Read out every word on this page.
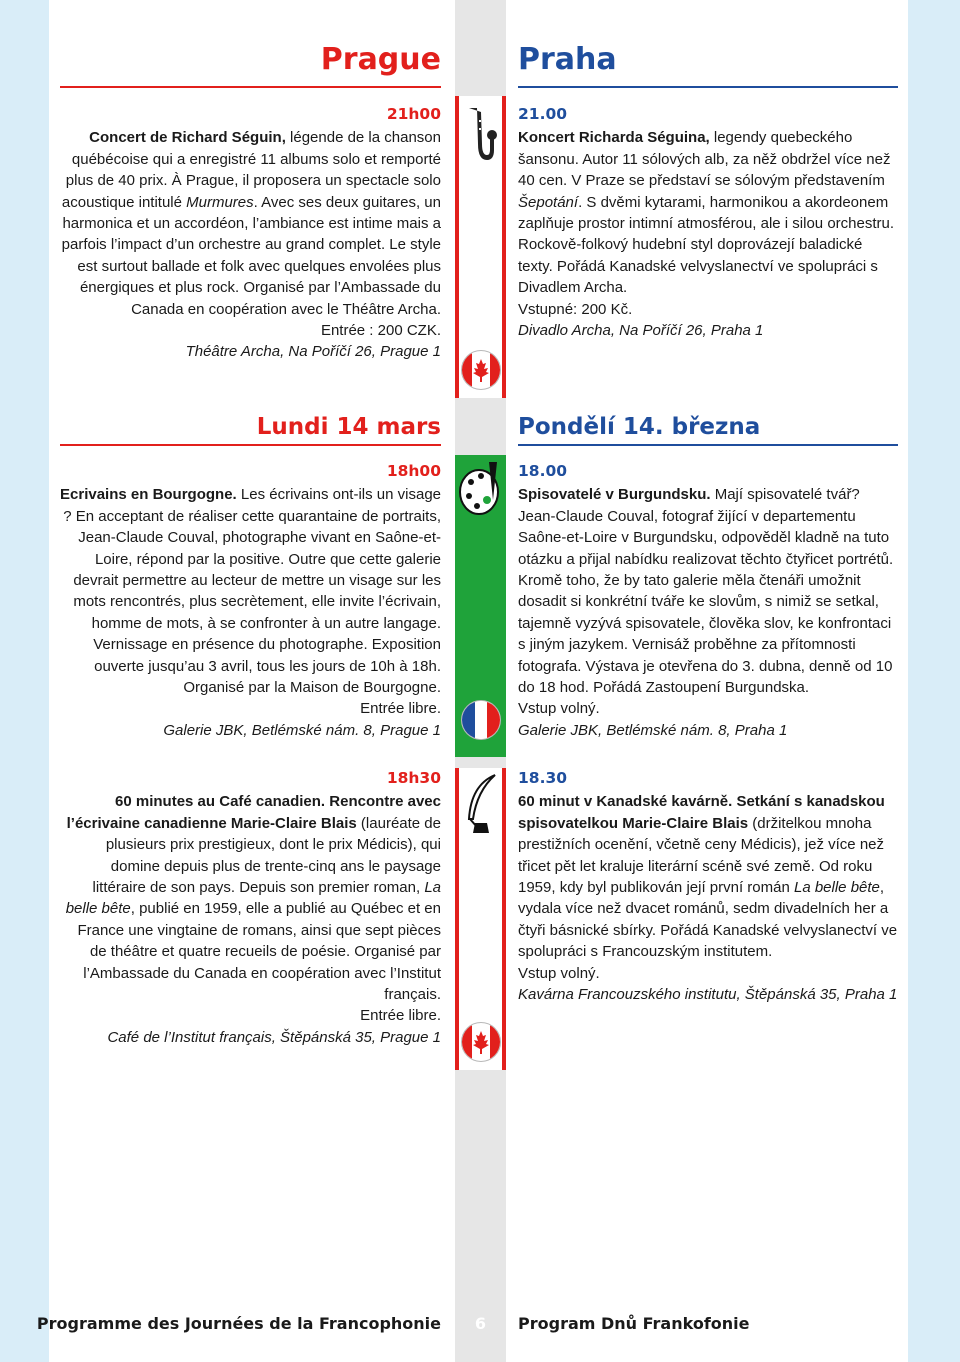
Prague	Praha
21h00

Concert de Richard Séguin, légende de la chanson québécoise qui a enregistré 11 albums solo et remporté plus de 40 prix. À Prague, il proposera un spectacle solo acoustique intitulé Murmures. Avec ses deux guitares, un harmonica et un accordéon, l’ambiance est intime mais a parfois l’impact d’un orchestre au grand complet. Le style est surtout ballade et folk avec quelques envolées plus énergiques et plus rock. Organisé par l’Ambassade du Canada en coopération avec le Théâtre Archa.

Entrée : 200 CZK.

Théâtre Archa, Na Poříčí 26, Prague 1

21.00

Koncert Richarda Séguina, legendy quebeckého šansonu. Autor 11 sólových alb, za něž obdržel více než 40 cen. V Praze se představí se sólovým představením Šepotání. S dvěmi kytarami, harmonikou a akordeonem zaplňuje prostor intimní atmosférou, ale i silou orchestru. Rockově-folkový hudební styl doprovázejí baladické texty. Pořádá Kanadské velvyslanectví ve spolupráci s Divadlem Archa.

Vstupné: 200 Kč.

Divadlo Archa, Na Poříčí 26, Praha 1

Lundi 14 mars	Pondělí 14. března
18h00

Ecrivains en Bourgogne. Les écrivains ont-ils un visage ? En acceptant de réaliser cette quarantaine de portraits, Jean-Claude Couval, photographe vivant en Saône-et-Loire, répond par la positive. Outre que cette galerie devrait permettre au lecteur de mettre un visage sur les mots rencontrés, plus secrètement, elle invite l’écrivain, homme de mots, à se confronter à un autre langage. Vernissage en présence du photographe. Exposition ouverte jusqu’au 3 avril, tous les jours de 10h à 18h. Organisé par la Maison de Bourgogne.

Entrée libre.

Galerie JBK, Betlémské nám. 8, Prague 1

18.00

Spisovatelé v Burgundsku. Mají spisovatelé tvář? Jean-Claude Couval, fotograf žijící v departementu Saône-et-Loire v Burgundsku, odpověděl kladně na tuto otázku a přijal nabídku realizovat těchto čtyřicet portrétů. Kromě toho, že by tato galerie měla čtenáři umožnit dosadit si konkrétní tváře ke slovům, s nimiž se setkal, tajemně vyzývá spisovatele, člověka slov, ke konfrontaci s jiným jazykem. Vernisáž proběhne za přítomnosti fotografa. Výstava je otevřena do 3. dubna, denně od 10 do 18 hod. Pořádá Zastoupení Burgundska.

Vstup volný.

Galerie JBK, Betlémské nám. 8, Praha 1

18h30

60 minutes au Café canadien. Rencontre avec l’écrivaine canadienne Marie-Claire Blais (lauréate de plusieurs prix prestigieux, dont le prix Médicis), qui domine depuis plus de trente-cinq ans le paysage littéraire de son pays. Depuis son premier roman, La belle bête, publié en 1959, elle a publié au Québec et en France une vingtaine de romans, ainsi que sept pièces de théâtre et quatre recueils de poésie. Organisé par l’Ambassade du Canada en coopération avec l’Institut français.

Entrée libre.

Café de l’Institut français, Štěpánská 35, Prague 1

18.30

60 minut v Kanadské kavárně. Setkání s kanadskou spisovatelkou Marie-Claire Blais (držitelkou mnoha prestižních ocenění, včetně ceny Médicis), jež více než třicet pět let kraluje literární scéně své země. Od roku 1959, kdy byl publikován její první román La belle bête, vydala více než dvacet románů, sedm divadelních her a čtyři básnické sbírky. Pořádá Kanadské velvyslanectví ve spolupráci s Francouzským institutem.

Vstup volný.

Kavárna Francouzského institutu, Štěpánská 35, Praha 1

Programme des Journées de la Francophonie	6	Program Dnů Frankofonie
